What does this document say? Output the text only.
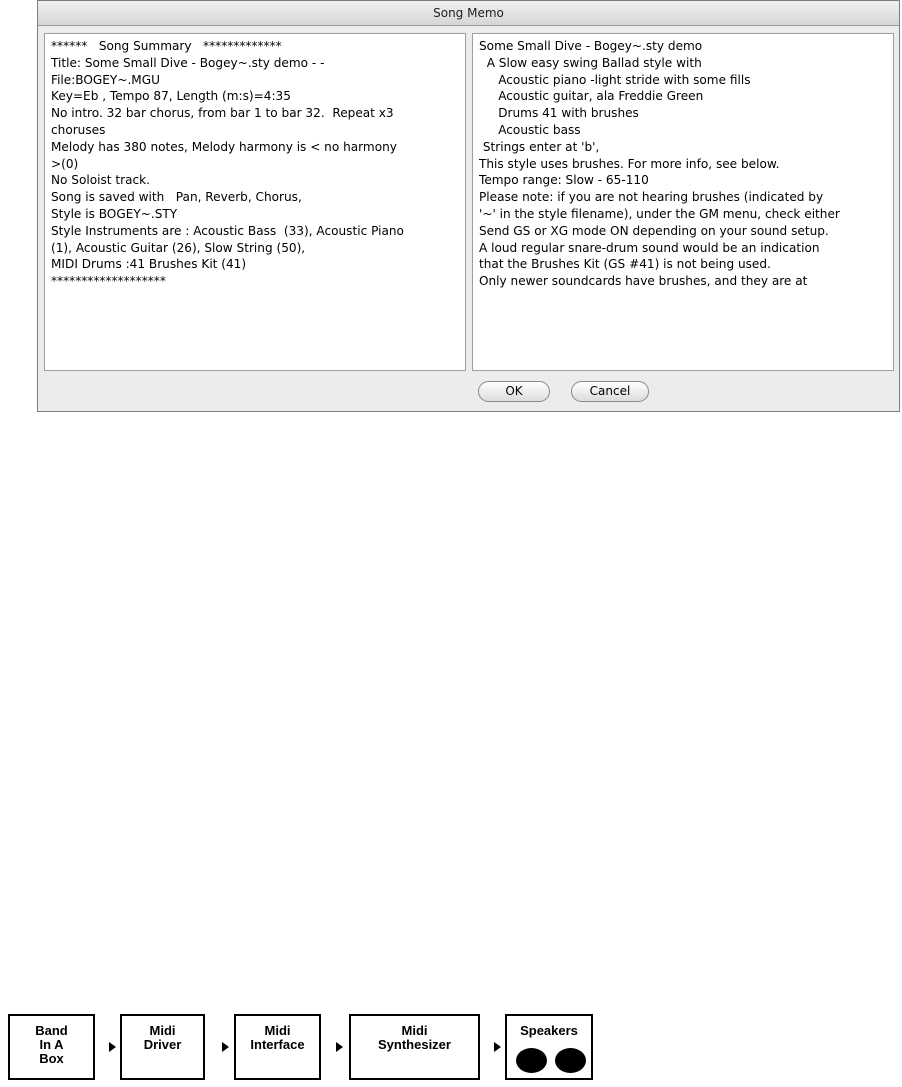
Song Memo
******   Song Summary   *************
Title: Some Small Dive - Bogey~.sty demo - -
File:BOGEY~.MGU
Key=Eb , Tempo 87, Length (m:s)=4:35
No intro. 32 bar chorus, from bar 1 to bar 32.  Repeat x3
choruses
Melody has 380 notes, Melody harmony is < no harmony
>(0)
No Soloist track.
Song is saved with   Pan, Reverb, Chorus,
Style is BOGEY~.STY
Style Instruments are : Acoustic Bass  (33), Acoustic Piano
(1), Acoustic Guitar (26), Slow String (50),
MIDI Drums :41 Brushes Kit (41)
*******************
Some Small Dive - Bogey~.sty demo
A Slow easy swing Ballad style with
Acoustic piano -light stride with some fills
Acoustic guitar, ala Freddie Green
Drums 41 with brushes
Acoustic bass
Strings enter at 'b',
This style uses brushes. For more info, see below.
Tempo range: Slow - 65-110
Please note: if you are not hearing brushes (indicated by
'~' in the style filename), under the GM menu, check either
Send GS or XG mode ON depending on your sound setup.
A loud regular snare-drum sound would be an indication
that the Brushes Kit (GS #41) is not being used.
Only newer soundcards have brushes, and they are at
OK	Cancel
Band
In A
Box
Midi
Driver
Midi
Interface
Midi
Synthesizer
Speakers
